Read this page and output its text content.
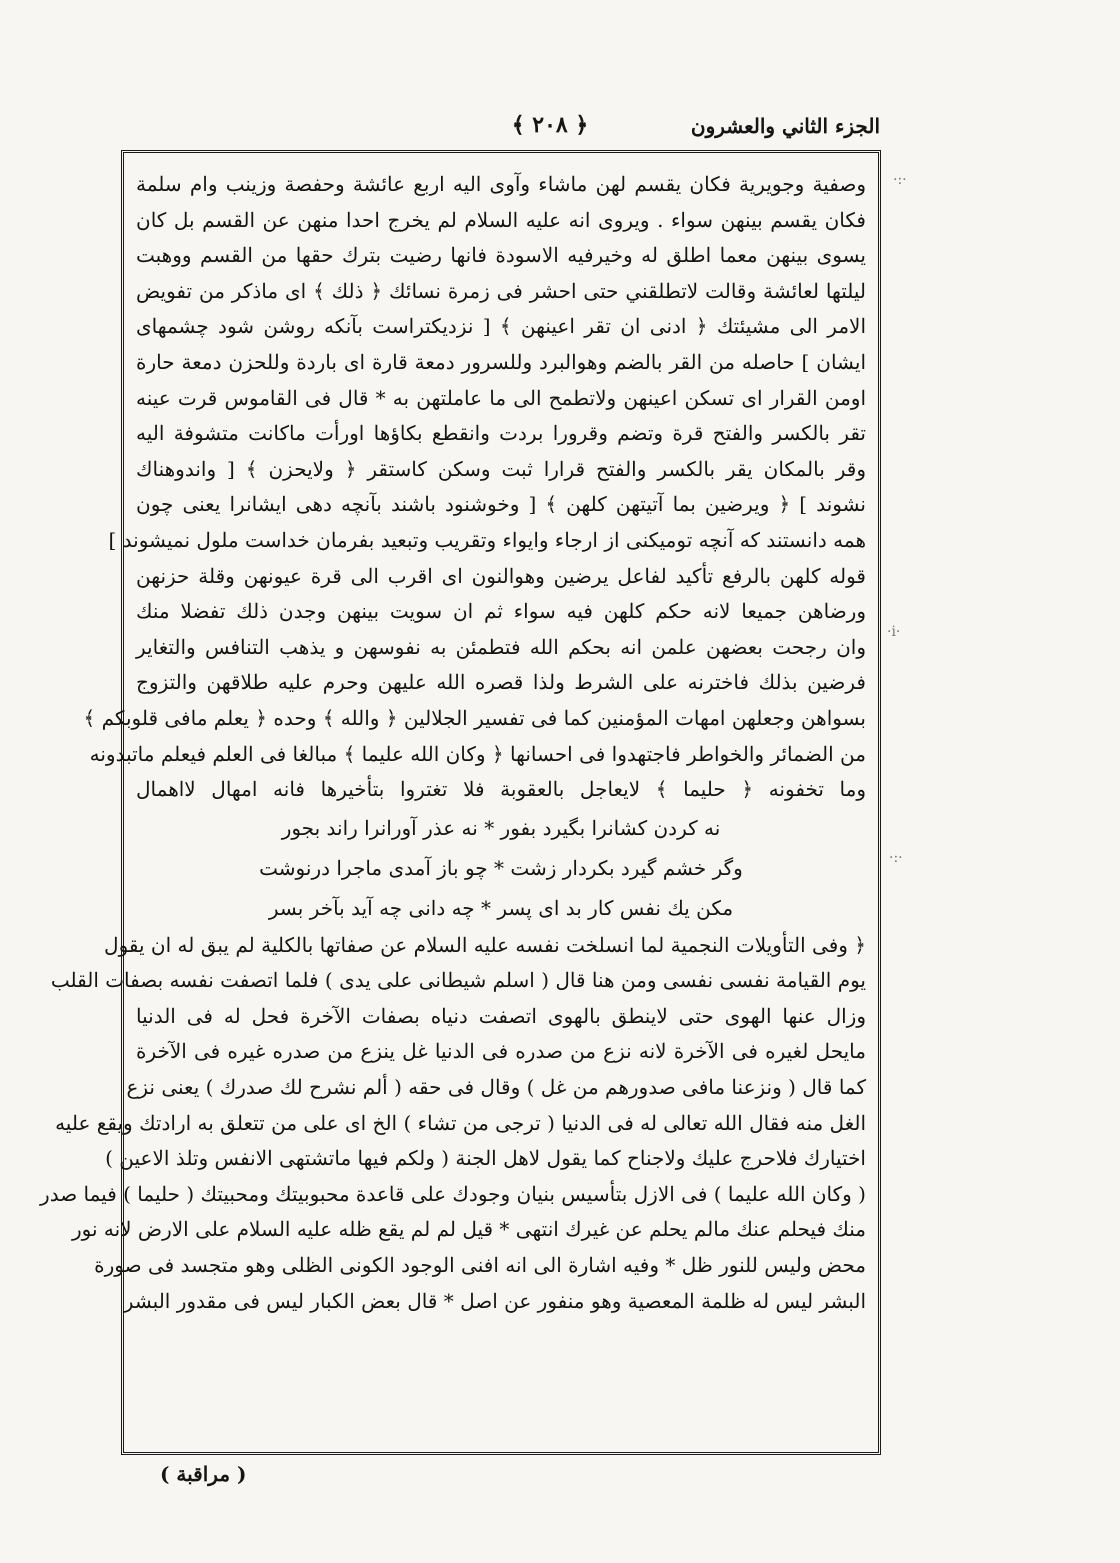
الجزء الثاني والعشرون
﴿ ٢٠٨ ﴾
وصفية وجويرية فكان يقسم لهن ماشاء وآوى اليه اربع عائشة وحفصة وزينب وام سلمة
فكان يقسم بينهن سواء . ويروى انه عليه السلام لم يخرج احدا منهن عن القسم بل كان
يسوى بينهن معما اطلق له وخيرفيه الاسودة فانها رضيت بترك حقها من القسم ووهبت
ليلتها لعائشة وقالت لاتطلقني حتى احشر فى زمرة نسائك ﴿ ذلك ﴾ اى ماذكر من تفويض
الامر الى مشيئتك ﴿ ادنى ان تقر اعينهن ﴾ [ نزديكتراست بآنكه روشن شود چشمهاى
ايشان ] حاصله من القر بالضم وهوالبرد وللسرور دمعة قارة اى باردة وللحزن دمعة حارة
اومن القرار اى تسكن اعينهن ولاتطمح الى ما عاملتهن به * قال فى القاموس قرت عينه
تقر بالكسر والفتح قرة وتضم وقرورا بردت وانقطع بكاؤها اورأت ماكانت متشوفة اليه
وقر بالمكان يقر بالكسر والفتح قرارا ثبت وسكن كاستقر ﴿ ولايحزن ﴾ [ واندوهناك
نشوند ] ﴿ ويرضين بما آتيتهن كلهن ﴾ [ وخوشنود باشند بآنچه دهى ايشانرا يعنى چون
همه دانستند كه آنچه توميكنى از ارجاء وايواء وتقريب وتبعيد بفرمان خداست ملول نميشوند ]
قوله كلهن بالرفع تأكيد لفاعل يرضين وهوالنون اى اقرب الى قرة عيونهن وقلة حزنهن
ورضاهن جميعا لانه حكم كلهن فيه سواء ثم ان سويت بينهن وجدن ذلك تفضلا منك
وان رجحت بعضهن علمن انه بحكم الله فتطمئن به نفوسهن و يذهب التنافس والتغاير
فرضين بذلك فاخترنه على الشرط ولذا قصره الله عليهن وحرم عليه طلاقهن والتزوج
بسواهن وجعلهن امهات المؤمنين كما فى تفسير الجلالين ﴿ والله ﴾ وحده ﴿ يعلم مافى قلوبكم ﴾
من الضمائر والخواطر فاجتهدوا فى احسانها ﴿ وكان الله عليما ﴾ مبالغا فى العلم فيعلم ماتبدونه
وما تخفونه ﴿ حليما ﴾ لايعاجل بالعقوبة فلا تغتروا بتأخيرها فانه امهال لااهمال
نه كردن كشانرا بگيرد بفور * نه عذر آورانرا راند بجور
وگر خشم گيرد بكردار زشت * چو باز آمدى ماجرا درنوشت
مكن يك نفس كار بد اى پسر * چه دانى چه آيد بآخر بسر
﴿ وفى التأويلات النجمية لما انسلخت نفسه عليه السلام عن صفاتها بالكلية لم يبق له ان يقول
يوم القيامة نفسى نفسى ومن هنا قال ( اسلم شيطانى على يدى ) فلما اتصفت نفسه بصفات القلب
وزال عنها الهوى حتى لاينطق بالهوى اتصفت دنياه بصفات الآخرة فحل له فى الدنيا
مايحل لغيره فى الآخرة لانه نزع من صدره فى الدنيا غل ينزع من صدره غيره فى الآخرة
كما قال ( ونزعنا مافى صدورهم من غل ) وقال فى حقه ( ألم نشرح لك صدرك ) يعنى نزع
الغل منه فقال الله تعالى له فى الدنيا ( ترجى من تشاء ) الخ اى على من تتعلق به ارادتك ويقع عليه
اختيارك فلاحرج عليك ولاجناح كما يقول لاهل الجنة ( ولكم فيها ماتشتهى الانفس وتلذ الاعين )
( وكان الله عليما ) فى الازل بتأسيس بنيان وجودك على قاعدة محبوبيتك ومحبيتك ( حليما ) فيما صدر
منك فيحلم عنك مالم يحلم عن غيرك انتهى * قيل لم لم يقع ظله عليه السلام على الارض لانه نور
محض وليس للنور ظل * وفيه اشارة الى انه افنى الوجود الكونى الظلى وهو متجسد فى صورة
البشر ليس له ظلمة المعصية وهو منفور عن اصل * قال بعض الكبار ليس فى مقدور البشر
·:·
·i·
·:·
( مراقبة )
